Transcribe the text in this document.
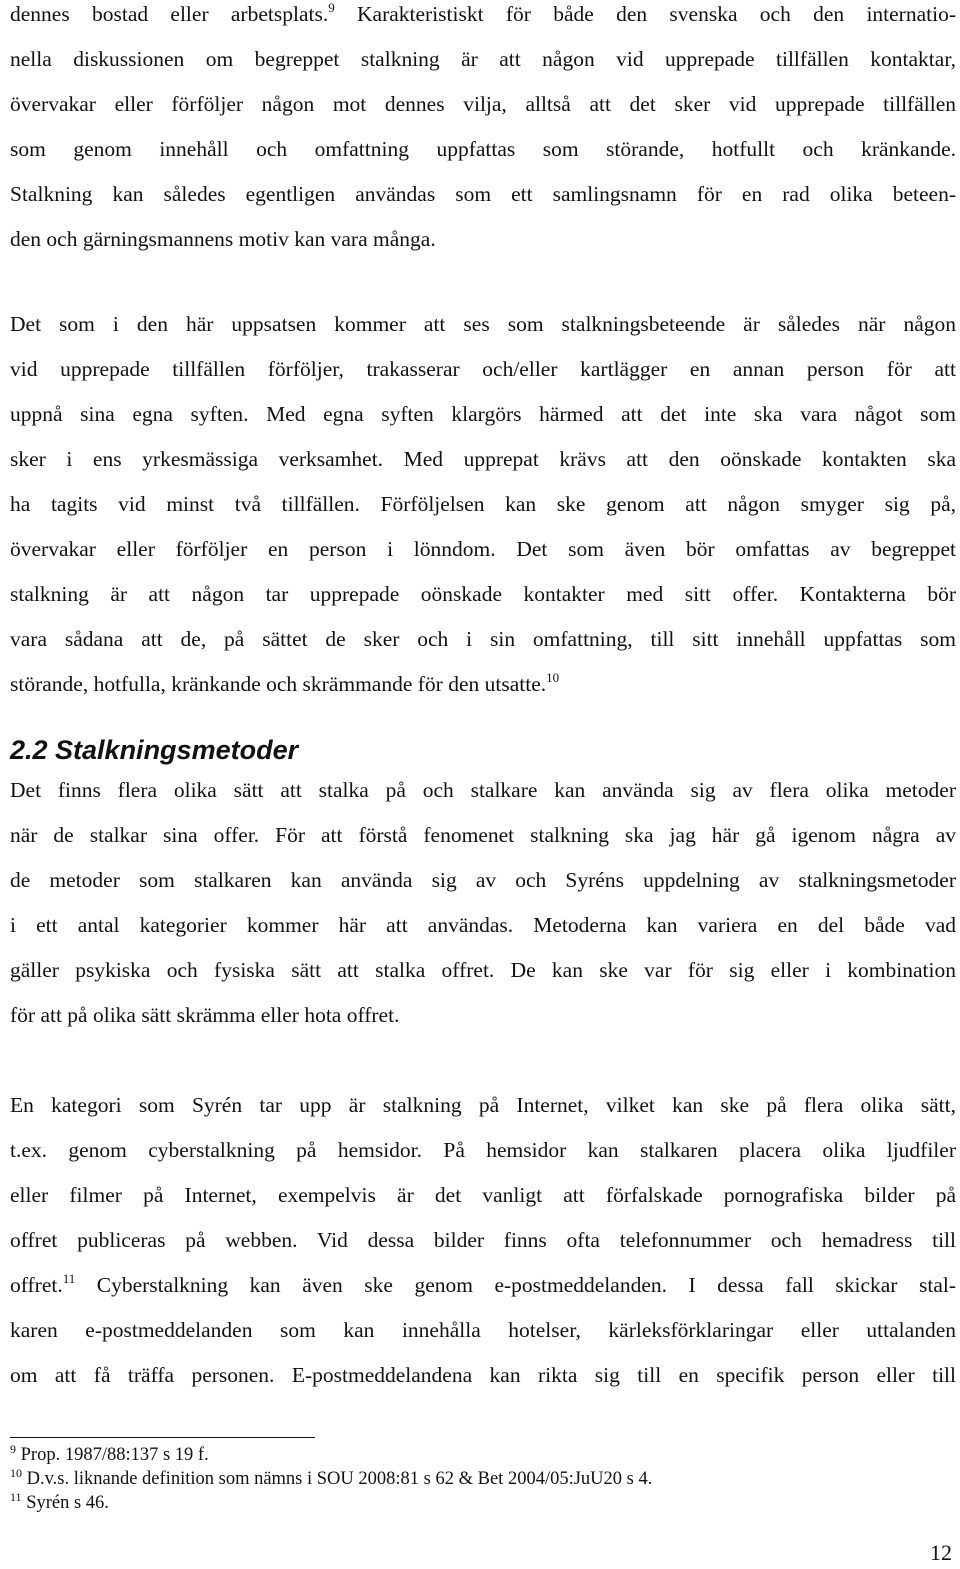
dennes bostad eller arbetsplats.$^9$ Karakteristiskt för både den svenska och den internatio-
nella diskussionen om begreppet stalkning är att någon vid upprepade tillfällen kontaktar,
övervakar eller förföljer någon mot dennes vilja, alltså att det sker vid upprepade tillfällen
som genom innehåll och omfattning uppfattas som störande, hotfullt och kränkande.
Stalkning kan således egentligen användas som ett samlingsnamn för en rad olika beteen-
den och gärningsmannens motiv kan vara många.
Det som i den här uppsatsen kommer att ses som stalkningsbeteende är således när någon
vid upprepade tillfällen förföljer, trakasserar och/eller kartlägger en annan person för att
uppnå sina egna syften. Med egna syften klargörs härmed att det inte ska vara något som
sker i ens yrkesmässiga verksamhet. Med upprepat krävs att den oönskade kontakten ska
ha tagits vid minst två tillfällen. Förföljelsen kan ske genom att någon smyger sig på,
övervakar eller förföljer en person i lönndom. Det som även bör omfattas av begreppet
stalkning är att någon tar upprepade oönskade kontakter med sitt offer. Kontakterna bör
vara sådana att de, på sättet de sker och i sin omfattning, till sitt innehåll uppfattas som
störande, hotfulla, kränkande och skrämmande för den utsatte.$^{10}$
2.2 Stalkningsmetoder
Det finns flera olika sätt att stalka på och stalkare kan använda sig av flera olika metoder
när de stalkar sina offer. För att förstå fenomenet stalkning ska jag här gå igenom några av
de metoder som stalkaren kan använda sig av och Syréns uppdelning av stalkningsmetoder
i ett antal kategorier kommer här att användas. Metoderna kan variera en del både vad
gäller psykiska och fysiska sätt att stalka offret. De kan ske var för sig eller i kombination
för att på olika sätt skrämma eller hota offret.
En kategori som Syrén tar upp är stalkning på Internet, vilket kan ske på flera olika sätt,
t.ex. genom cyberstalkning på hemsidor. På hemsidor kan stalkaren placera olika ljudfiler
eller filmer på Internet, exempelvis är det vanligt att förfalskade pornografiska bilder på
offret publiceras på webben. Vid dessa bilder finns ofta telefonnummer och hemadress till
offret.$^{11}$ Cyberstalkning kan även ske genom e-postmeddelanden. I dessa fall skickar stal-
karen e-postmeddelanden som kan innehålla hotelser, kärleksförklaringar eller uttalanden
om att få träffa personen. E-postmeddelandena kan rikta sig till en specifik person eller till
$^9$ Prop. 1987/88:137 s 19 f.
$^{10}$ D.v.s. liknande definition som nämns i SOU 2008:81 s 62 & Bet 2004/05:JuU20 s 4.
$^{11}$ Syrén s 46.
12
